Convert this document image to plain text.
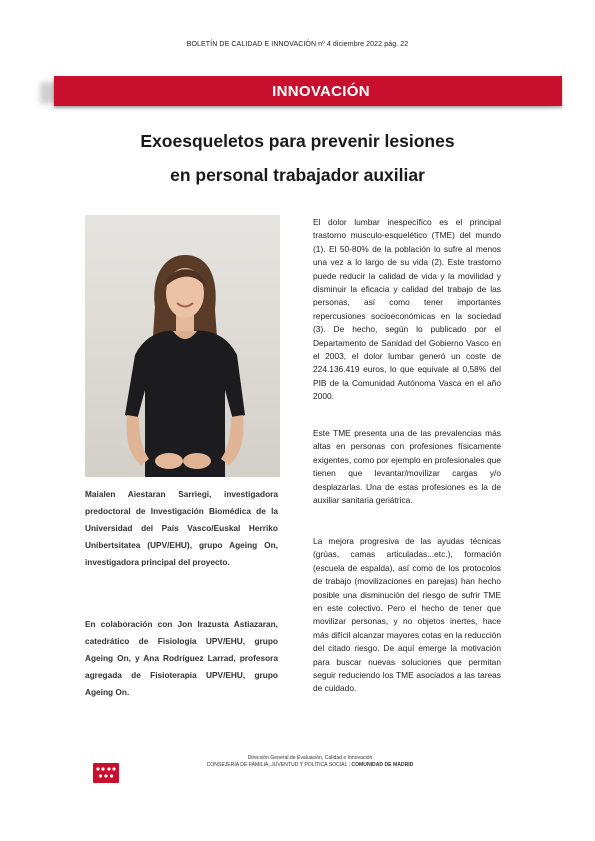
BOLETÍN DE CALIDAD E INNOVACIÓN nº 4 diciembre 2022 pág. 22
INNOVACIÓN
Exoesqueletos para prevenir lesiones
en personal trabajador auxiliar
Maialen Aiestaran Sarriegi, investigadora predoctoral de Investigación Biomédica de la Universidad del País Vasco/Euskal Herriko Unibertsitatea (UPV/EHU), grupo Ageing On, investigadora principal del proyecto.
En colaboración con Jon Irazusta Astiazaran, catedrático de Fisiología UPV/EHU, grupo Ageing On, y Ana Rodríguez Larrad, profesora agregada de Fisioterapia UPV/EHU, grupo Ageing On.
El dolor lumbar inespecífico es el principal trastorno musculo-esquelético (TME) del mundo (1). El 50-80% de la población lo sufre al menos una vez a lo largo de su vida (2). Este trastorno puede reducir la calidad de vida y la movilidad y disminuir la eficacia y calidad del trabajo de las personas, así como tener importantes repercusiones socioeconómicas en la sociedad (3). De hecho, según lo publicado por el Departamento de Sanidad del Gobierno Vasco en el 2003, el dolor lumbar generó un coste de 224.136.419 euros, lo que equivale al 0,58% del PIB de la Comunidad Autónoma Vasca en el año 2000.
Este TME presenta una de las prevalencias más altas en personas con profesiones físicamente exigentes, como por ejemplo en profesionales que tienen que levantar/movilizar cargas y/o desplazarlas. Una de estas profesiones es la de auxiliar sanitaria geriátrica.
La mejora progresiva de las ayudas técnicas (grúas, camas articuladas...etc.), formación (escuela de espalda), así como de los protocolos de trabajo (movilizaciones en parejas) han hecho posible una disminución del riesgo de sufrir TME en este colectivo. Pero el hecho de tener que movilizar personas, y no objetos inertes, hace más difícil alcanzar mayores cotas en la reducción del citado riesgo. De aquí emerge la motivación para buscar nuevas soluciones que permitan seguir reduciendo los TME asociados a las tareas de cuidado.
Dirección General de Evaluación, Calidad e Innovación
CONSEJERÍA DE FAMILIA, JUVENTUD Y POLÍTICA SOCIAL | COMUNIDAD DE MADRID
